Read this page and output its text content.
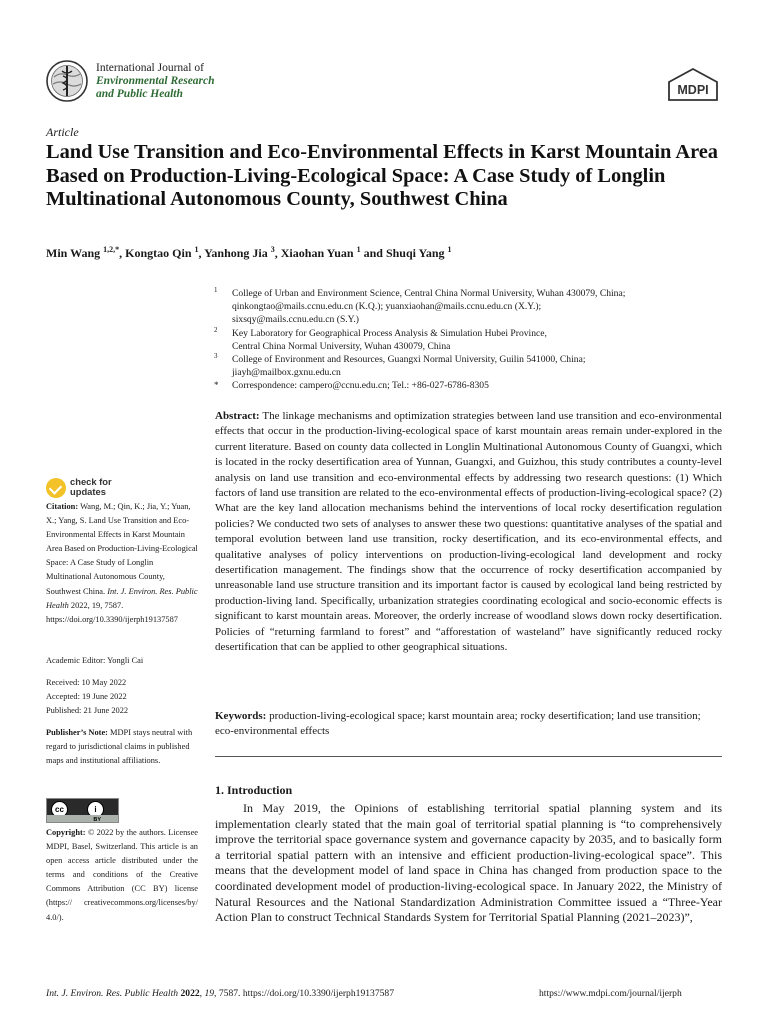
International Journal of
Environmental Research
and Public Health	MDPI
Article
Land Use Transition and Eco-Environmental Effects in Karst Mountain Area Based on Production-Living-Ecological Space: A Case Study of Longlin Multinational Autonomous County, Southwest China
Min Wang $^{1,2,*}$, Kongtao Qin $^1$, Yanhong Jia $^3$, Xiaohan Yuan $^1$ and Shuqi Yang $^1$
1 College of Urban and Environment Science, Central China Normal University, Wuhan 430079, China;
qinkongtao@mails.ccnu.edu.cn (K.Q.); yuanxiaohan@mails.ccnu.edu.cn (X.Y.);
sixsqy@mails.ccnu.edu.cn (S.Y.)
2 Key Laboratory for Geographical Process Analysis & Simulation Hubei Province,
Central China Normal University, Wuhan 430079, China
3 College of Environment and Resources, Guangxi Normal University, Guilin 541000, China;
jiayh@mailbox.gxnu.edu.cn
* Correspondence: campero@ccnu.edu.cn; Tel.: +86-027-6786-8305
Abstract: The linkage mechanisms and optimization strategies between land use transition and eco-environmental effects that occur in the production-living-ecological space of karst mountain areas remain under-explored in the current literature. Based on county data collected in Longlin Multinational Autonomous County of Guangxi, which is located in the rocky desertification area of Yunnan, Guangxi, and Guizhou, this study contributes a county-level analysis on land use transition and eco-environmental effects by addressing two research questions: (1) Which factors of land use transition are related to the eco-environmental effects of production-living-ecological space? (2) What are the key land allocation mechanisms behind the interventions of local rocky desertification regulation policies? We conducted two sets of analyses to answer these two questions: quantitative analyses of the spatial and temporal evolution between land use transition, rocky desertification, and its eco-environmental effects, and qualitative analyses of policy interventions on production-living-ecological land development and rocky desertification management. The findings show that the occurrence of rocky desertification accompanied by unreasonable land use structure transition and its important factor is caused by ecological land being restricted by production-living land. Specifically, urbanization strategies coordinating ecological and socio-economic effects is significant to karst mountain areas. Moreover, the orderly increase of woodland slows down rocky desertification. Policies of “returning farmland to forest” and “afforestation of wasteland” have significantly reduced rocky desertification that can be applied to other geographical situations.
Keywords: production-living-ecological space; karst mountain area; rocky desertification; land use transition; eco-environmental effects
1. Introduction
In May 2019, the Opinions of establishing territorial spatial planning system and its implementation clearly stated that the main goal of territorial spatial planning is “to comprehensively improve the territorial space governance system and governance capacity by 2035, and to basically form a territorial spatial pattern with an intensive and efficient production-living-ecological space”. This means that the development model of land space in China has changed from production space to the coordinated development model of production-living-ecological space. In January 2022, the Ministry of Natural Resources and the National Standardization Administration Committee issued a “Three-Year Action Plan to construct Technical Standards System for Territorial Spatial Planning (2021–2023)”,
check for
updates
Citation: Wang, M.; Qin, K.; Jia, Y.; Yuan, X.; Yang, S. Land Use Transition and Eco-Environmental Effects in Karst Mountain Area Based on Production-Living-Ecological Space: A Case Study of Longlin Multinational Autonomous County, Southwest China. Int. J. Environ. Res. Public Health 2022, 19, 7587. https://doi.org/10.3390/ijerph19137587
Academic Editor: Yongli Cai
Received: 10 May 2022
Accepted: 19 June 2022
Published: 21 June 2022
Publisher’s Note: MDPI stays neutral with regard to jurisdictional claims in published maps and institutional affiliations.
cc	i
BY
Copyright: © 2022 by the authors. Licensee MDPI, Basel, Switzerland. This article is an open access article distributed under the terms and conditions of the Creative Commons Attribution (CC BY) license (https:// creativecommons.org/licenses/by/ 4.0/).
Int. J. Environ. Res. Public Health 2022, 19, 7587. https://doi.org/10.3390/ijerph19137587	https://www.mdpi.com/journal/ijerph
